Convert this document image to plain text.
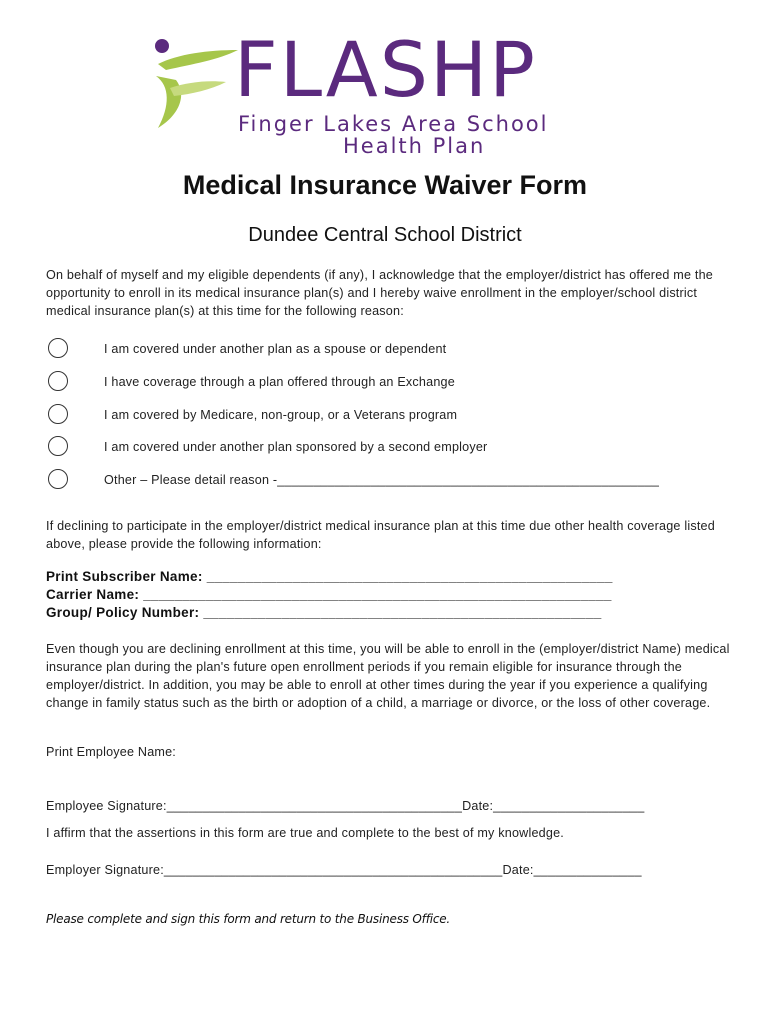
FLASHP
Finger Lakes Area School
Health Plan
Medical Insurance Waiver Form
Dundee Central School District
On behalf of myself and my eligible dependents (if any), I acknowledge that the employer/district has offered me the opportunity to enroll in its medical insurance plan(s) and I hereby waive enrollment in the employer/school district medical insurance plan(s) at this time for the following reason:
I am covered under another plan as a spouse or dependent
I have coverage through a plan offered through an Exchange
I am covered by Medicare, non-group, or a Veterans program
I am covered under another plan sponsored by a second employer
Other – Please detail reason -_____________________________________________________
If declining to participate in the employer/district medical insurance plan at this time due other health coverage listed above, please provide the following information:
Print Subscriber Name: ____________________________________________________
Carrier Name: ____________________________________________________________
Group/ Policy Number: ___________________________________________________
Even though you are declining enrollment at this time, you will be able to enroll in the (employer/district Name) medical insurance plan during the plan's future open enrollment periods if you remain eligible for insurance through the employer/district. In addition, you may be able to enroll at other times during the year if you experience a qualifying change in family status such as the birth or adoption of a child, a marriage or divorce, or the loss of other coverage.
Print Employee Name:
Employee Signature:_________________________________________Date:_____________________
I affirm that the assertions in this form are true and complete to the best of my knowledge.
Employer Signature:_______________________________________________Date:_______________
Please complete and sign this form and return to the Business Office.
